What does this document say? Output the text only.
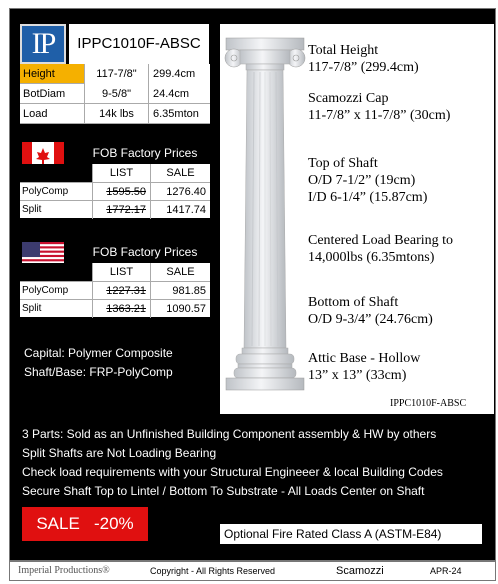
IP	IPPC1010F-ABSC
Height	117-7/8"	299.4cm
BotDiam	9-5/8"	24.4cm
Load	14k lbs	6.35mton
FOB Factory Prices
LIST	SALE
PolyComp	1595.50	1276.40
Split	1772.17	1417.74
FOB Factory Prices
LIST	SALE
PolyComp	1227.31	981.85
Split	1363.21	1090.57
Capital: Polymer Composite
Shaft/Base: FRP-PolyComp
Total Height
117-7/8” (299.4cm)
Scamozzi Cap
11-7/8” x 11-7/8” (30cm)
Top of Shaft
O/D 7-1/2” (19cm)
I/D 6-1/4” (15.87cm)
Centered Load Bearing to
14,000lbs (6.35mtons)
Bottom of Shaft
O/D 9-3/4” (24.76cm)
Attic Base - Hollow
13” x 13” (33cm)
IPPC1010F-ABSC
3 Parts: Sold as an Unfinished Building Component assembly & HW by others
Split Shafts are Not Loading Bearing
Check load requirements with your Structural Engineeer & local Building Codes
Secure Shaft Top to Lintel / Bottom To Substrate - All Loads Center on Shaft
SALE   -20%
Optional Fire Rated Class A (ASTM-E84)
Imperial Productions®	Copyright - All Rights Reserved	Scamozzi	APR-24
